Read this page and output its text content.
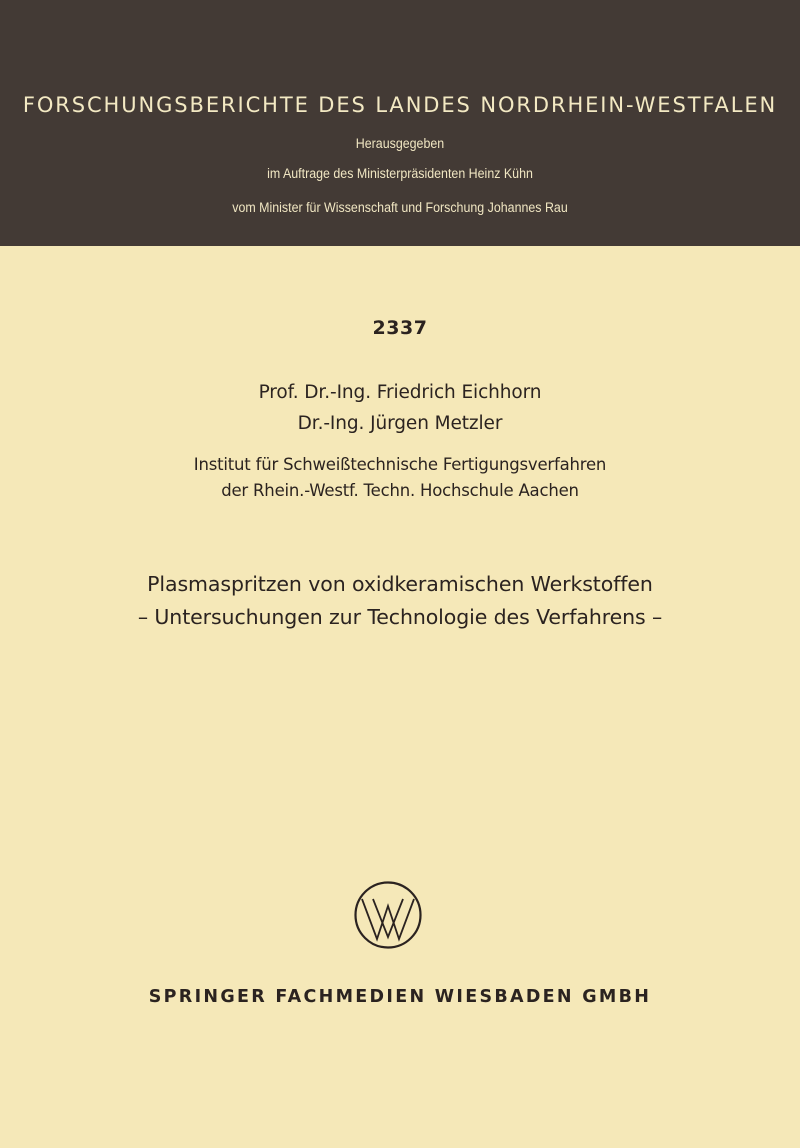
FORSCHUNGSBERICHTE DES LANDES NORDRHEIN-WESTFALEN
Herausgegeben
im Auftrage des Ministerpräsidenten Heinz Kühn
vom Minister für Wissenschaft und Forschung Johannes Rau
2337
Prof. Dr.-Ing. Friedrich Eichhorn
Dr.-Ing. Jürgen Metzler
Institut für Schweißtechnische Fertigungsverfahren
der Rhein.-Westf. Techn. Hochschule Aachen
Plasmaspritzen von oxidkeramischen Werkstoffen
– Untersuchungen zur Technologie des Verfahrens –
SPRINGER FACHMEDIEN WIESBADEN GMBH
